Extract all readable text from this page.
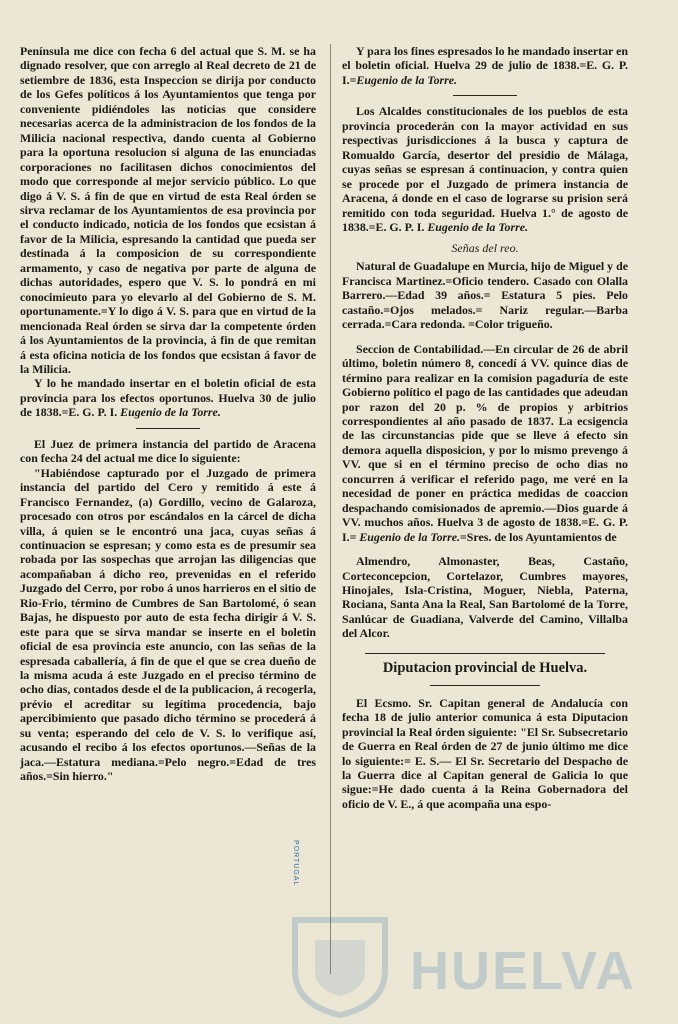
Península me dice con fecha 6 del actual que S. M. se ha dignado resolver, que con arreglo al Real decreto de 21 de setiembre de 1836, esta Inspeccion se dirija por conducto de los Gefes políticos á los Ayuntamientos que tenga por conveniente pidiéndoles las noticias que considere necesarias acerca de la administracion de los fondos de la Milicia nacional respectiva, dando cuenta al Gobierno para la oportuna resolucion si alguna de las enunciadas corporaciones no facilitasen dichos conocimientos del modo que corresponde al mejor servicio público. Lo que digo á V. S. á fin de que en virtud de esta Real órden se sirva reclamar de los Ayuntamientos de esa provincia por el conducto indicado, noticia de los fondos que ecsistan á favor de la Milicia, espresando la cantidad que pueda ser destinada á la composicion de su correspondiente armamento, y caso de negativa por parte de alguna de dichas autoridades, espero que V. S. lo pondrá en mi conocimieuto para yo elevarlo al del Gobierno de S. M. oportunamente.=Y lo digo á V. S. para que en virtud de la mencionada Real órden se sirva dar la competente órden á los Ayuntamientos de la provincia, á fin de que remitan á esta oficina noticia de los fondos que ecsistan á favor de la Milicia.

Y lo he mandado insertar en el boletin oficial de esta provincia para los efectos oportunos. Huelva 30 de julio de 1838.=E. G. P. I. Eugenio de la Torre.

El Juez de primera instancia del partido de Aracena con fecha 24 del actual me dice lo siguiente:

"Habiéndose capturado por el Juzgado de primera instancia del partido del Cero y remitido á este á Francisco Fernandez, (a) Gordillo, vecino de Galaroza, procesado con otros por escándalos en la cárcel de dicha villa, á quien se le encontró una jaca, cuyas señas á continuacion se espresan; y como esta es de presumir sea robada por las sospechas que arrojan las diligencias que acompañaban á dicho reo, prevenidas en el referido Juzgado del Cerro, por robo á unos harrieros en el sitio de Rio-Frio, término de Cumbres de San Bartolomé, ó sean Bajas, he dispuesto por auto de esta fecha dirigir á V. S. este para que se sirva mandar se inserte en el boletin oficial de esa provincia este anuncio, con las señas de la espresada caballería, á fin de que el que se crea dueño de la misma acuda á este Juzgado en el preciso término de ocho dias, contados desde el de la publicacion, á recogerla, prévio el acreditar su legítima procedencia, bajo apercibimiento que pasado dicho término se procederá á su venta; esperando del celo de V. S. lo verifique así, acusando el recibo á los efectos oportunos.—Señas de la jaca.—Estatura mediana.=Pelo negro.=Edad de tres años.=Sin hierro."

Y para los fines espresados lo he mandado insertar en el boletin oficial. Huelva 29 de julio de 1838.=E. G. P. I.=Eugenio de la Torre.

Los Alcaldes constitucionales de los pueblos de esta provincia procederán con la mayor actividad en sus respectivas jurisdicciones á la busca y captura de Romualdo García, desertor del presidio de Málaga, cuyas señas se espresan á continuacion, y contra quien se procede por el Juzgado de primera instancia de Aracena, á donde en el caso de lograrse su prision será remitido con toda seguridad. Huelva 1.° de agosto de 1838.=E. G. P. I. Eugenio de la Torre.

Señas del reo.

Natural de Guadalupe en Murcia, hijo de Miguel y de Francisca Martinez.=Oficio tendero. Casado con Olalla Barrero.—Edad 39 años.= Estatura 5 pies. Pelo castaño.=Ojos melados.= Nariz regular.—Barba cerrada.=Cara redonda. =Color trigueño.

Seccion de Contabilidad.—En circular de 26 de abril último, boletin número 8, concedí á VV. quince dias de término para realizar en la comision pagaduría de este Gobierno político el pago de las cantidades que adeudan por razon del 20 p. % de propios y arbitrios correspondientes al año pasado de 1837. La ecsigencia de las circunstancias pide que se lleve á efecto sin demora aquella disposicion, y por lo mismo prevengo á VV. que si en el término preciso de ocho dias no concurren á verificar el referido pago, me veré en la necesidad de poner en práctica medidas de coaccion despachando comisionados de apremio.—Dios guarde á VV. muchos años. Huelva 3 de agosto de 1838.=E. G. P. I.= Eugenio de la Torre.=Sres. de los Ayuntamientos de

Almendro, Almonaster, Beas, Castaño, Corteconcepcion, Cortelazor, Cumbres mayores, Hinojales, Isla-Cristina, Moguer, Niebla, Paterna, Rociana, Santa Ana la Real, San Bartolomé de la Torre, Sanlúcar de Guadiana, Valverde del Camino, Villalba del Alcor.

Diputacion provincial de Huelva.

El Ecsmo. Sr. Capitan general de Andalucía con fecha 18 de julio anterior comunica á esta Diputacion provincial la Real órden siguiente: "El Sr. Subsecretario de Guerra en Real órden de 27 de junio último me dice lo siguiente:= E. S.— El Sr. Secretario del Despacho de la Guerra dice al Capitan general de Galicia lo que sigue:=He dado cuenta á la Reina Gobernadora del oficio de V. E., á que acompaña una espo-

HUELVA
PORTUGAL
